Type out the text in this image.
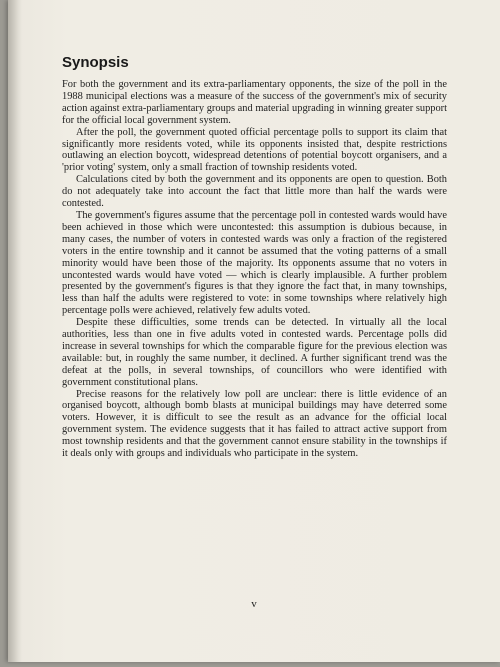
Synopsis

For both the government and its extra-parliamentary opponents, the size of the poll in the 1988 municipal elections was a measure of the success of the government's mix of security action against extra-parliamentary groups and material upgrading in winning greater support for the official local government system.

After the poll, the government quoted official percentage polls to support its claim that significantly more residents voted, while its opponents insisted that, despite restrictions outlawing an election boycott, widespread detentions of potential boycott organisers, and a 'prior voting' system, only a small fraction of township residents voted.

Calculations cited by both the government and its opponents are open to question. Both do not adequately take into account the fact that little more than half the wards were contested.

The government's figures assume that the percentage poll in contested wards would have been achieved in those which were uncontested: this assumption is dubious because, in many cases, the number of voters in contested wards was only a fraction of the registered voters in the entire township and it cannot be assumed that the voting patterns of a small minority would have been those of the majority. Its opponents assume that no voters in uncontested wards would have voted — which is clearly implausible. A further problem presented by the government's figures is that they ignore the fact that, in many townships, less than half the adults were registered to vote: in some townships where relatively high percentage polls were achieved, relatively few adults voted.

Despite these difficulties, some trends can be detected. In virtually all the local authorities, less than one in five adults voted in contested wards. Percentage polls did increase in several townships for which the comparable figure for the previous election was available: but, in roughly the same number, it declined. A further significant trend was the defeat at the polls, in several townships, of councillors who were identified with government constitutional plans.

Precise reasons for the relatively low poll are unclear: there is little evidence of an organised boycott, although bomb blasts at municipal buildings may have deterred some voters. However, it is difficult to see the result as an advance for the official local government system. The evidence suggests that it has failed to attract active support from most township residents and that the government cannot ensure stability in the townships if it deals only with groups and individuals who participate in the system.

v
